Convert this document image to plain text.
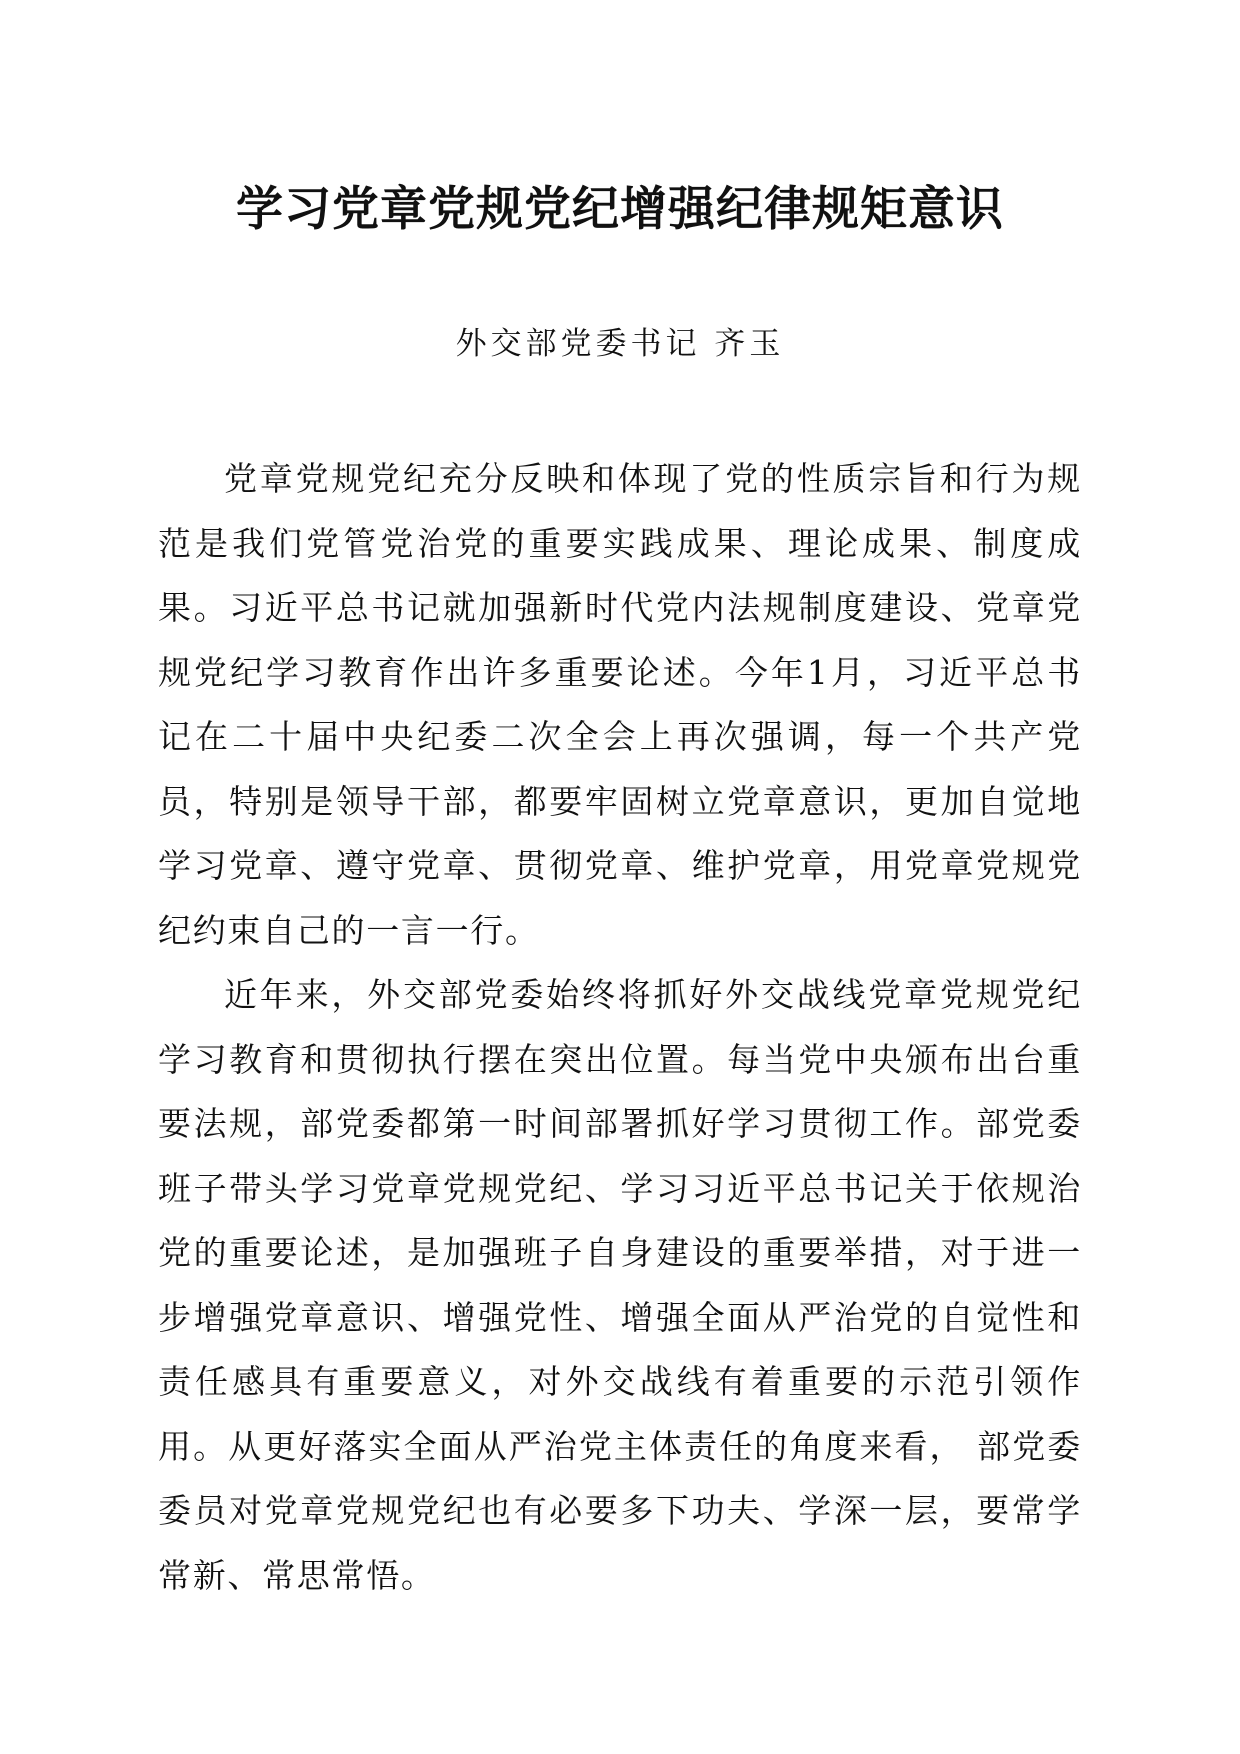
学习党章党规党纪增强纪律规矩意识

外交部党委书记 齐玉

党章党规党纪充分反映和体现了党的性质宗旨和行为规范是我们党管党治党的重要实践成果、理论成果、制度成果。习近平总书记就加强新时代党内法规制度建设、党章党规党纪学习教育作出许多重要论述。今年1月，习近平总书记在二十届中央纪委二次全会上再次强调，每一个共产党员，特别是领导干部，都要牢固树立党章意识，更加自觉地学习党章、遵守党章、贯彻党章、维护党章，用党章党规党纪约束自己的一言一行。

近年来，外交部党委始终将抓好外交战线党章党规党纪学习教育和贯彻执行摆在突出位置。每当党中央颁布出台重要法规，部党委都第一时间部署抓好学习贯彻工作。部党委班子带头学习党章党规党纪、学习习近平总书记关于依规治党的重要论述，是加强班子自身建设的重要举措，对于进一步增强党章意识、增强党性、增强全面从严治党的自觉性和责任感具有重要意义，对外交战线有着重要的示范引领作用。从更好落实全面从严治党主体责任的角度来看， 部党委委员对党章党规党纪也有必要多下功夫、学深一层，要常学常新、常思常悟。
